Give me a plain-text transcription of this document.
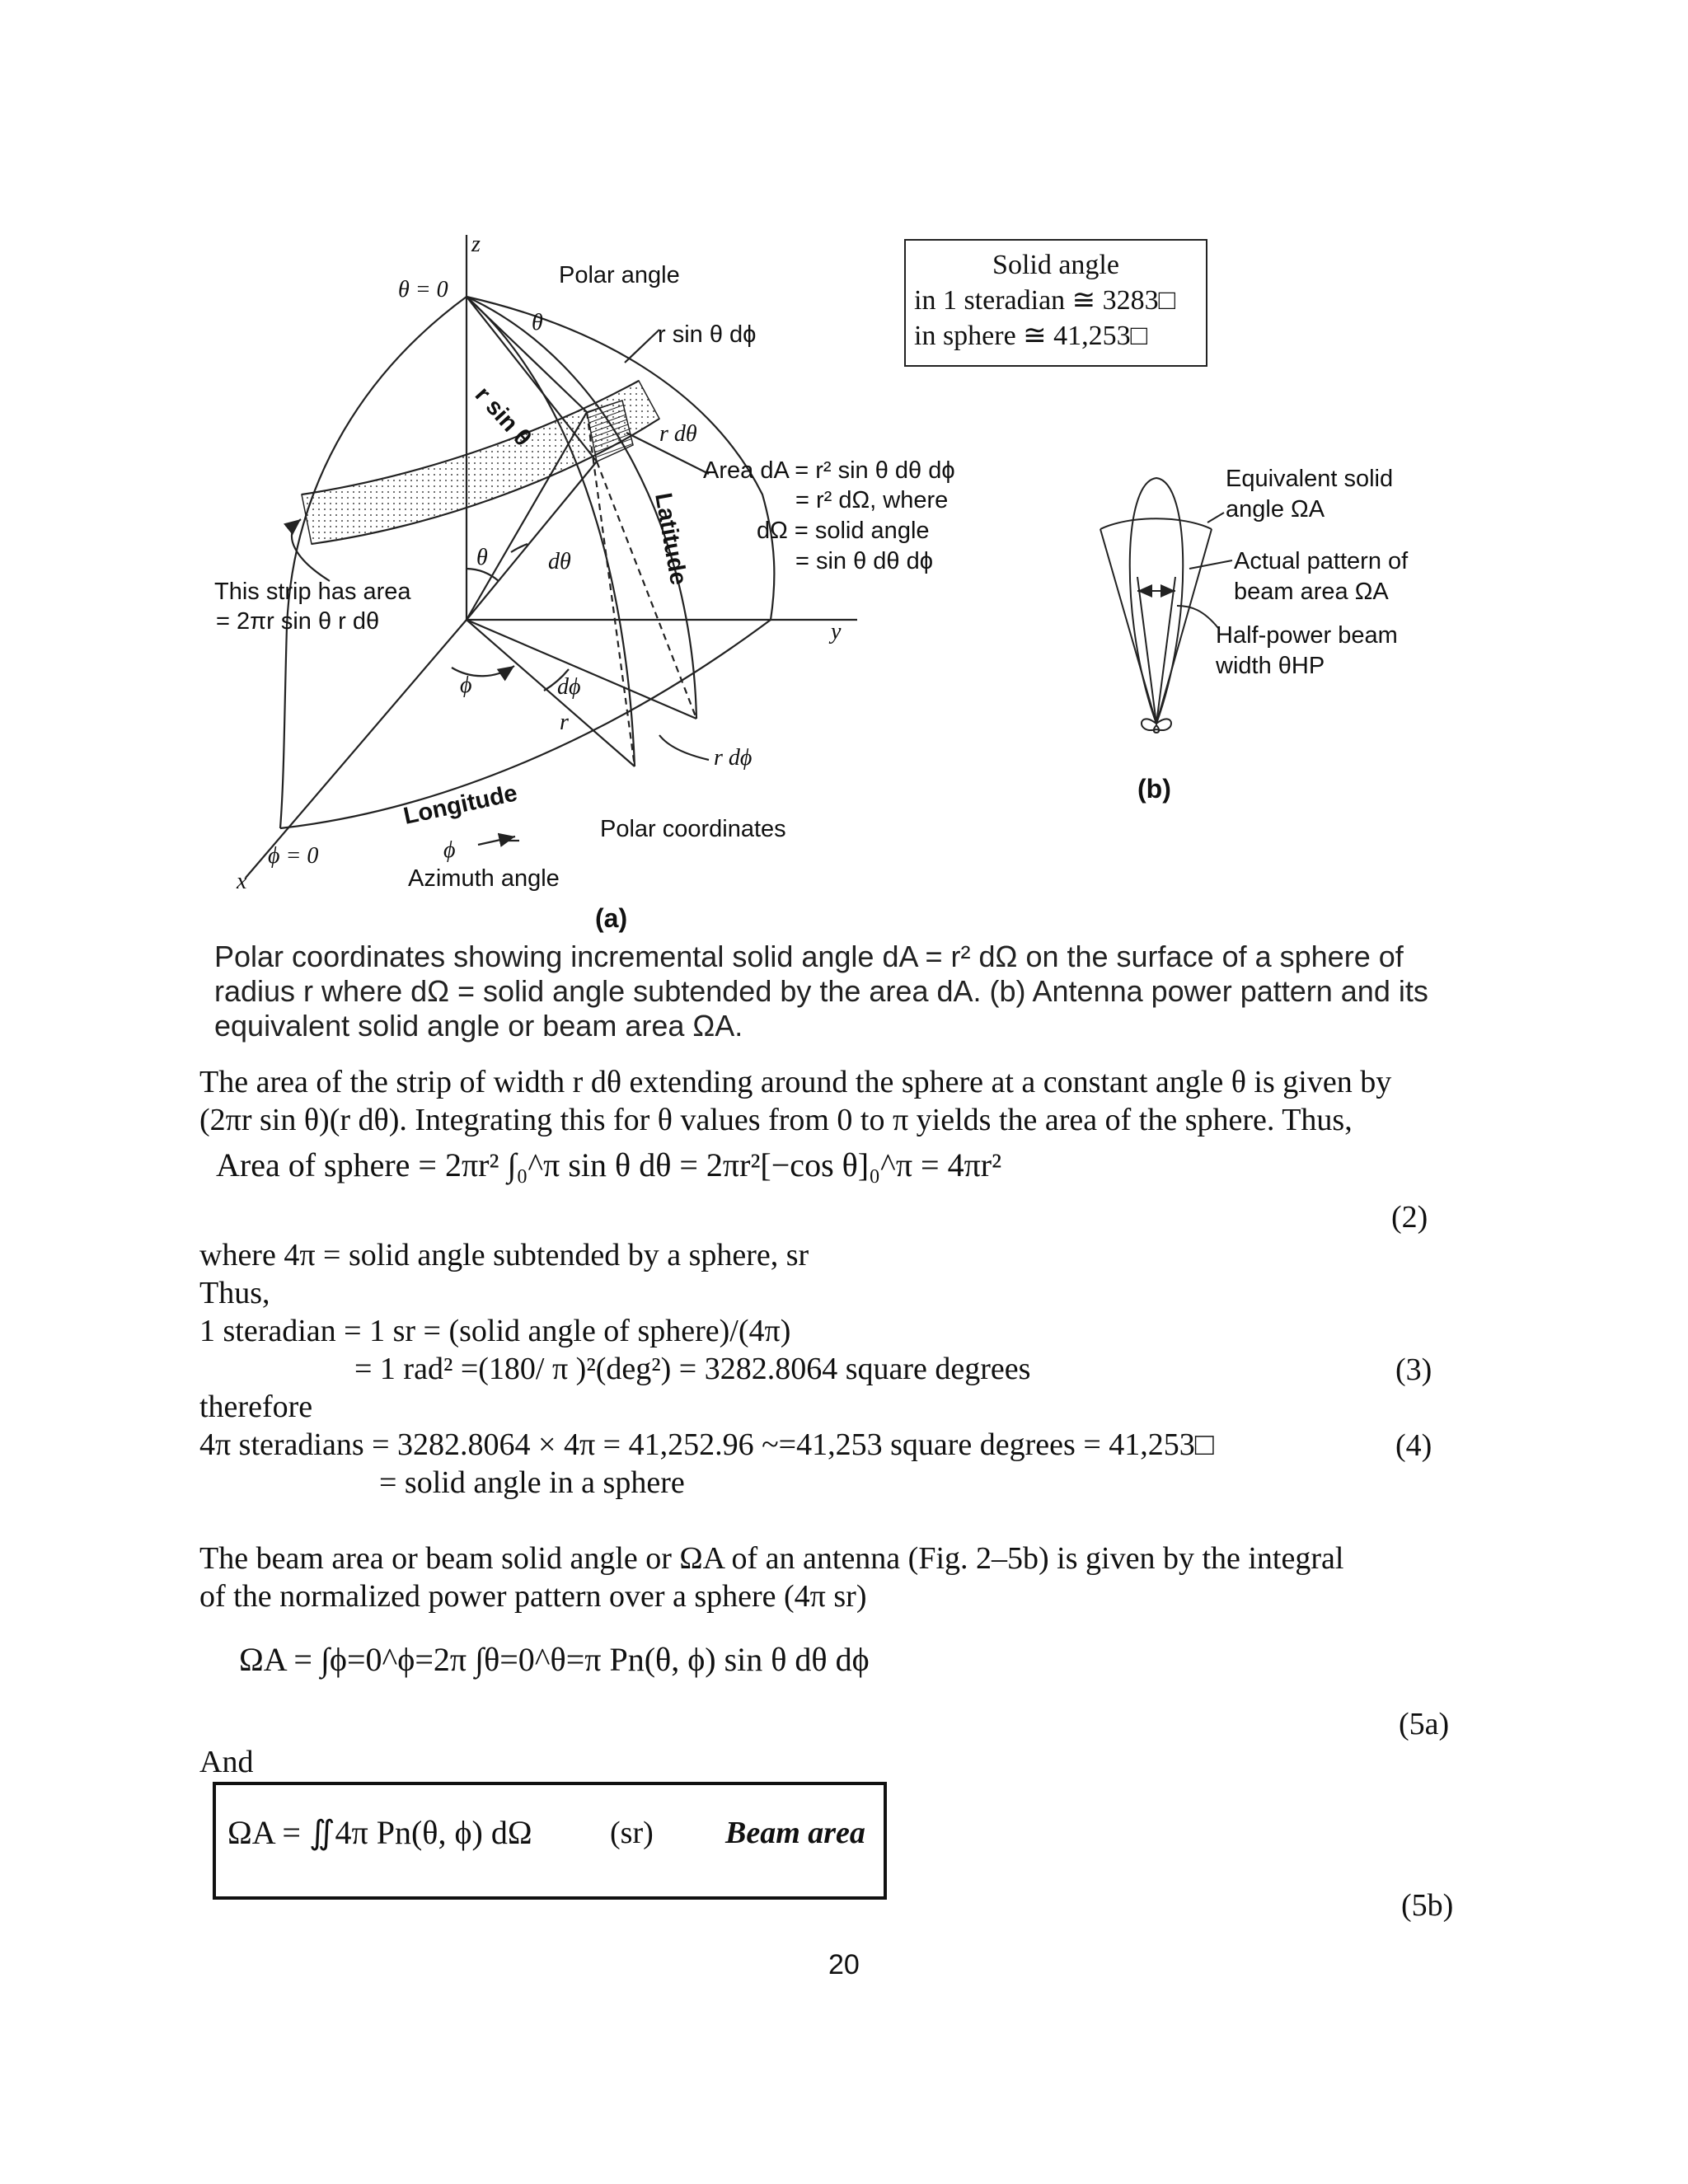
z
θ = 0
Polar angle
θ	r sin θ dϕ
r sin θ	r dθ
Area dA = r² sin θ dθ dϕ
= r² dΩ, where
dΩ = solid angle
= sin θ dθ dϕ
Latitude
θ	dθ
This strip has area
= 2πr sin θ r dθ	y
ϕ	dϕ
r
r dϕ
Longitude	Polar coordinates
ϕ = 0
x
ϕ
Azimuth angle
(a)
Equivalent solid
angle ΩA
Actual pattern of
beam area ΩA
Half-power beam
width θHP
(b)
Solid angle
in 1 steradian ≅ 3283□
in sphere ≅ 41,253□
Polar coordinates showing incremental solid angle dA = r² dΩ on the surface of a sphere of radius r where dΩ = solid angle subtended by the area dA. (b) Antenna power pattern and its equivalent solid angle or beam area ΩA.
The area of the strip of width r dθ extending around the sphere at a constant angle θ is given by
(2πr sin θ)(r dθ). Integrating this for θ values from 0 to π yields the area of the sphere. Thus,
Area of sphere = 2πr² ∫₀^π sin θ dθ = 2πr²[−cos θ]₀^π = 4πr²
(2)
where 4π = solid angle subtended by a sphere, sr
Thus,
1 steradian = 1 sr = (solid angle of sphere)/(4π)
= 1 rad² =(180/ π )²(deg²) = 3282.8064 square degrees	(3)
therefore
4π steradians = 3282.8064 × 4π = 41,252.96 ~=41,253 square degrees = 41,253□	(4)
= solid angle in a sphere
The beam area or beam solid angle or ΩA of an antenna (Fig. 2–5b) is given by the integral
of the normalized power pattern over a sphere (4π sr)
ΩA = ∫ϕ=0^ϕ=2π ∫θ=0^θ=π Pn(θ, ϕ) sin θ dθ dϕ
(5a)
And
ΩA = ∬4π Pn(θ, ϕ) dΩ (sr) Beam area
(5b)
20
